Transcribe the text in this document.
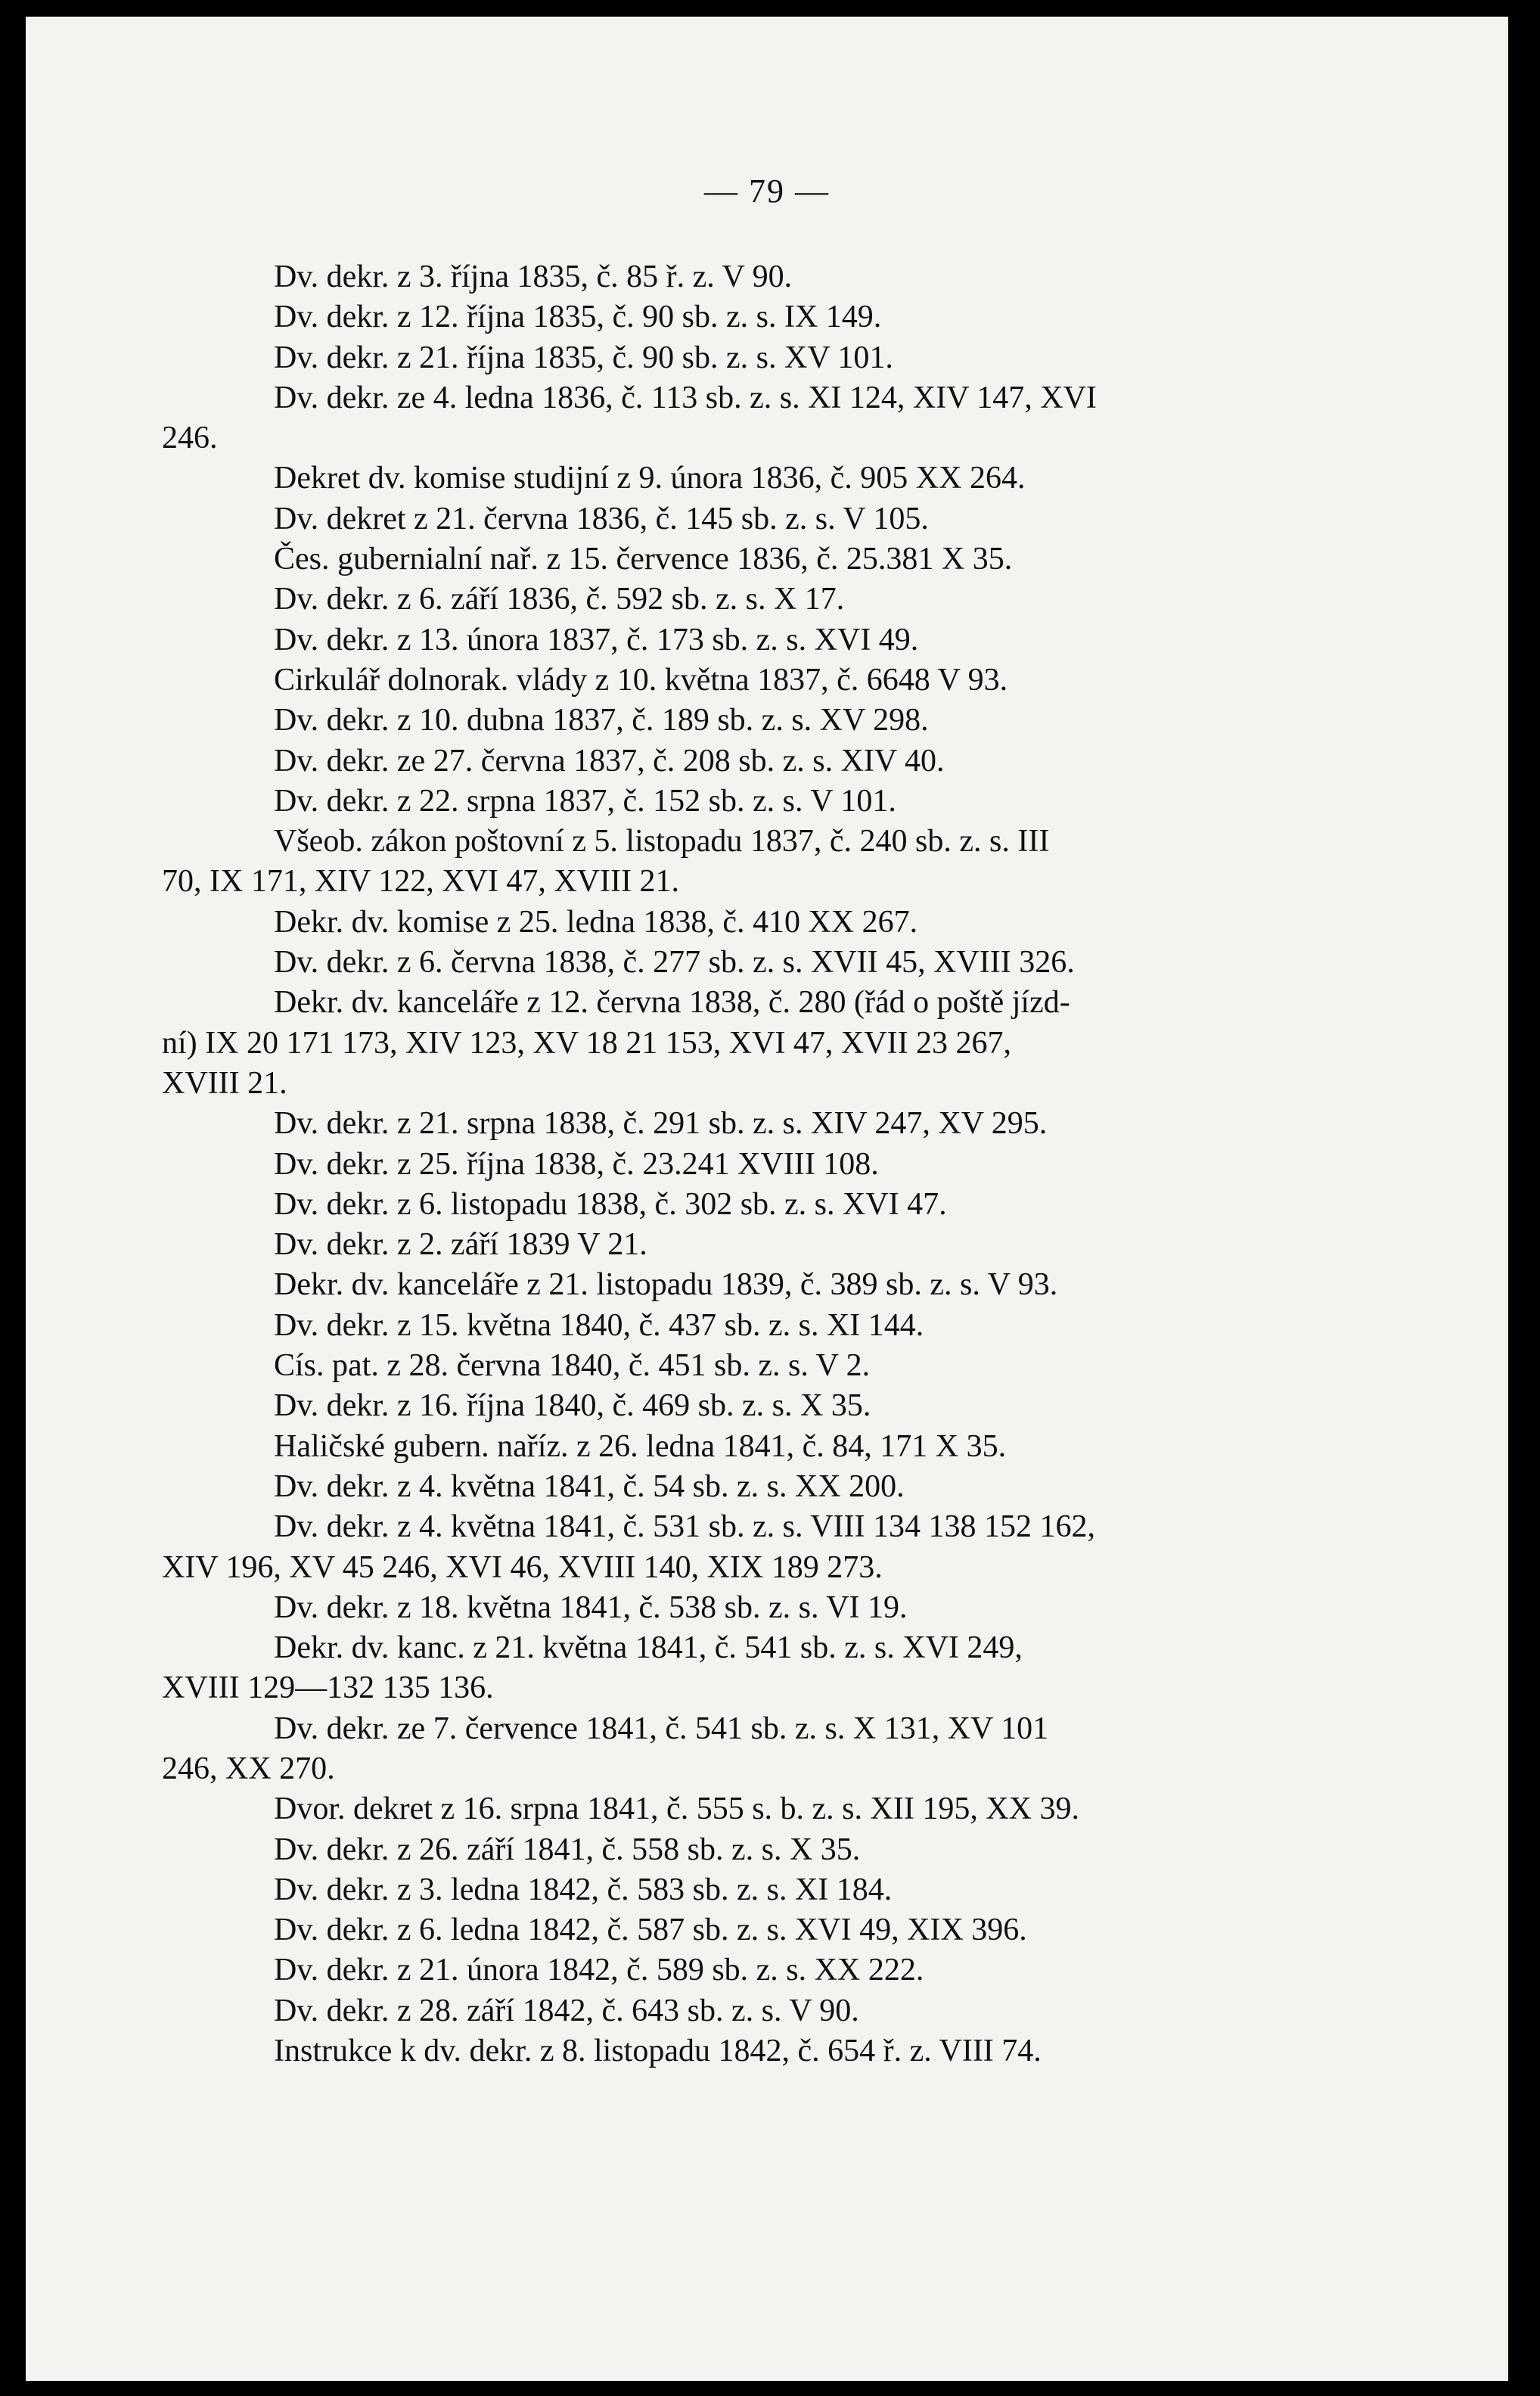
— 79 —
Dv. dekr. z 3. října 1835, č. 85 ř. z. V 90.
Dv. dekr. z 12. října 1835, č. 90 sb. z. s. IX 149.
Dv. dekr. z 21. října 1835, č. 90 sb. z. s. XV 101.
Dv. dekr. ze 4. ledna 1836, č. 113 sb. z. s. XI 124, XIV 147, XVI
246.
Dekret dv. komise studijní z 9. února 1836, č. 905 XX 264.
Dv. dekret z 21. června 1836, č. 145 sb. z. s. V 105.
Čes. gubernialní nař. z 15. července 1836, č. 25.381 X 35.
Dv. dekr. z 6. září 1836, č. 592 sb. z. s. X 17.
Dv. dekr. z 13. února 1837, č. 173 sb. z. s. XVI 49.
Cirkulář dolnorak. vlády z 10. května 1837, č. 6648 V 93.
Dv. dekr. z 10. dubna 1837, č. 189 sb. z. s. XV 298.
Dv. dekr. ze 27. června 1837, č. 208 sb. z. s. XIV 40.
Dv. dekr. z 22. srpna 1837, č. 152 sb. z. s. V 101.
Všeob. zákon poštovní z 5. listopadu 1837, č. 240 sb. z. s. III
70, IX 171, XIV 122, XVI 47, XVIII 21.
Dekr. dv. komise z 25. ledna 1838, č. 410 XX 267.
Dv. dekr. z 6. června 1838, č. 277 sb. z. s. XVII 45, XVIII 326.
Dekr. dv. kanceláře z 12. června 1838, č. 280 (řád o poště jízd-
ní) IX 20 171 173, XIV 123, XV 18 21 153, XVI 47, XVII 23 267,
XVIII 21.
Dv. dekr. z 21. srpna 1838, č. 291 sb. z. s. XIV 247, XV 295.
Dv. dekr. z 25. října 1838, č. 23.241 XVIII 108.
Dv. dekr. z 6. listopadu 1838, č. 302 sb. z. s. XVI 47.
Dv. dekr. z 2. září 1839 V 21.
Dekr. dv. kanceláře z 21. listopadu 1839, č. 389 sb. z. s. V 93.
Dv. dekr. z 15. května 1840, č. 437 sb. z. s. XI 144.
Cís. pat. z 28. června 1840, č. 451 sb. z. s. V 2.
Dv. dekr. z 16. října 1840, č. 469 sb. z. s. X 35.
Haličské gubern. naříz. z 26. ledna 1841, č. 84, 171 X 35.
Dv. dekr. z 4. května 1841, č. 54 sb. z. s. XX 200.
Dv. dekr. z 4. května 1841, č. 531 sb. z. s. VIII 134 138 152 162,
XIV 196, XV 45 246, XVI 46, XVIII 140, XIX 189 273.
Dv. dekr. z 18. května 1841, č. 538 sb. z. s. VI 19.
Dekr. dv. kanc. z 21. května 1841, č. 541 sb. z. s. XVI 249,
XVIII 129—132 135 136.
Dv. dekr. ze 7. července 1841, č. 541 sb. z. s. X 131, XV 101
246, XX 270.
Dvor. dekret z 16. srpna 1841, č. 555 s. b. z. s. XII 195, XX 39.
Dv. dekr. z 26. září 1841, č. 558 sb. z. s. X 35.
Dv. dekr. z 3. ledna 1842, č. 583 sb. z. s. XI 184.
Dv. dekr. z 6. ledna 1842, č. 587 sb. z. s. XVI 49, XIX 396.
Dv. dekr. z 21. února 1842, č. 589 sb. z. s. XX 222.
Dv. dekr. z 28. září 1842, č. 643 sb. z. s. V 90.
Instrukce k dv. dekr. z 8. listopadu 1842, č. 654 ř. z. VIII 74.
